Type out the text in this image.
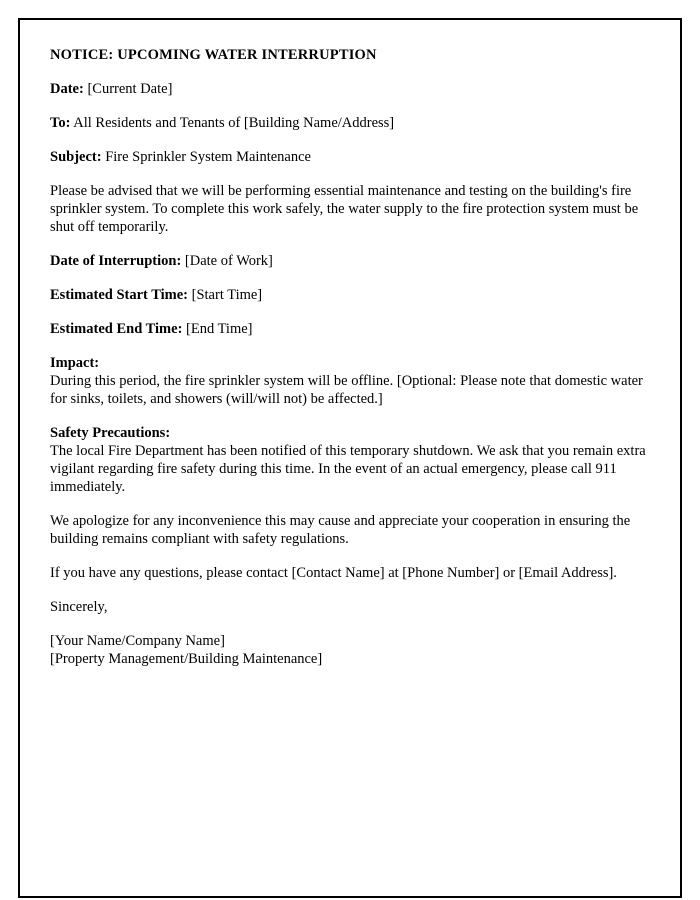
NOTICE: UPCOMING WATER INTERRUPTION

Date: [Current Date]

To: All Residents and Tenants of [Building Name/Address]

Subject: Fire Sprinkler System Maintenance

Please be advised that we will be performing essential maintenance and testing on the building's fire sprinkler system. To complete this work safely, the water supply to the fire protection system must be shut off temporarily.

Date of Interruption: [Date of Work]

Estimated Start Time: [Start Time]

Estimated End Time: [End Time]

Impact:
During this period, the fire sprinkler system will be offline. [Optional: Please note that domestic water for sinks, toilets, and showers (will/will not) be affected.]

Safety Precautions:
The local Fire Department has been notified of this temporary shutdown. We ask that you remain extra vigilant regarding fire safety during this time. In the event of an actual emergency, please call 911 immediately.

We apologize for any inconvenience this may cause and appreciate your cooperation in ensuring the building remains compliant with safety regulations.

If you have any questions, please contact [Contact Name] at [Phone Number] or [Email Address].

Sincerely,

[Your Name/Company Name]
[Property Management/Building Maintenance]
